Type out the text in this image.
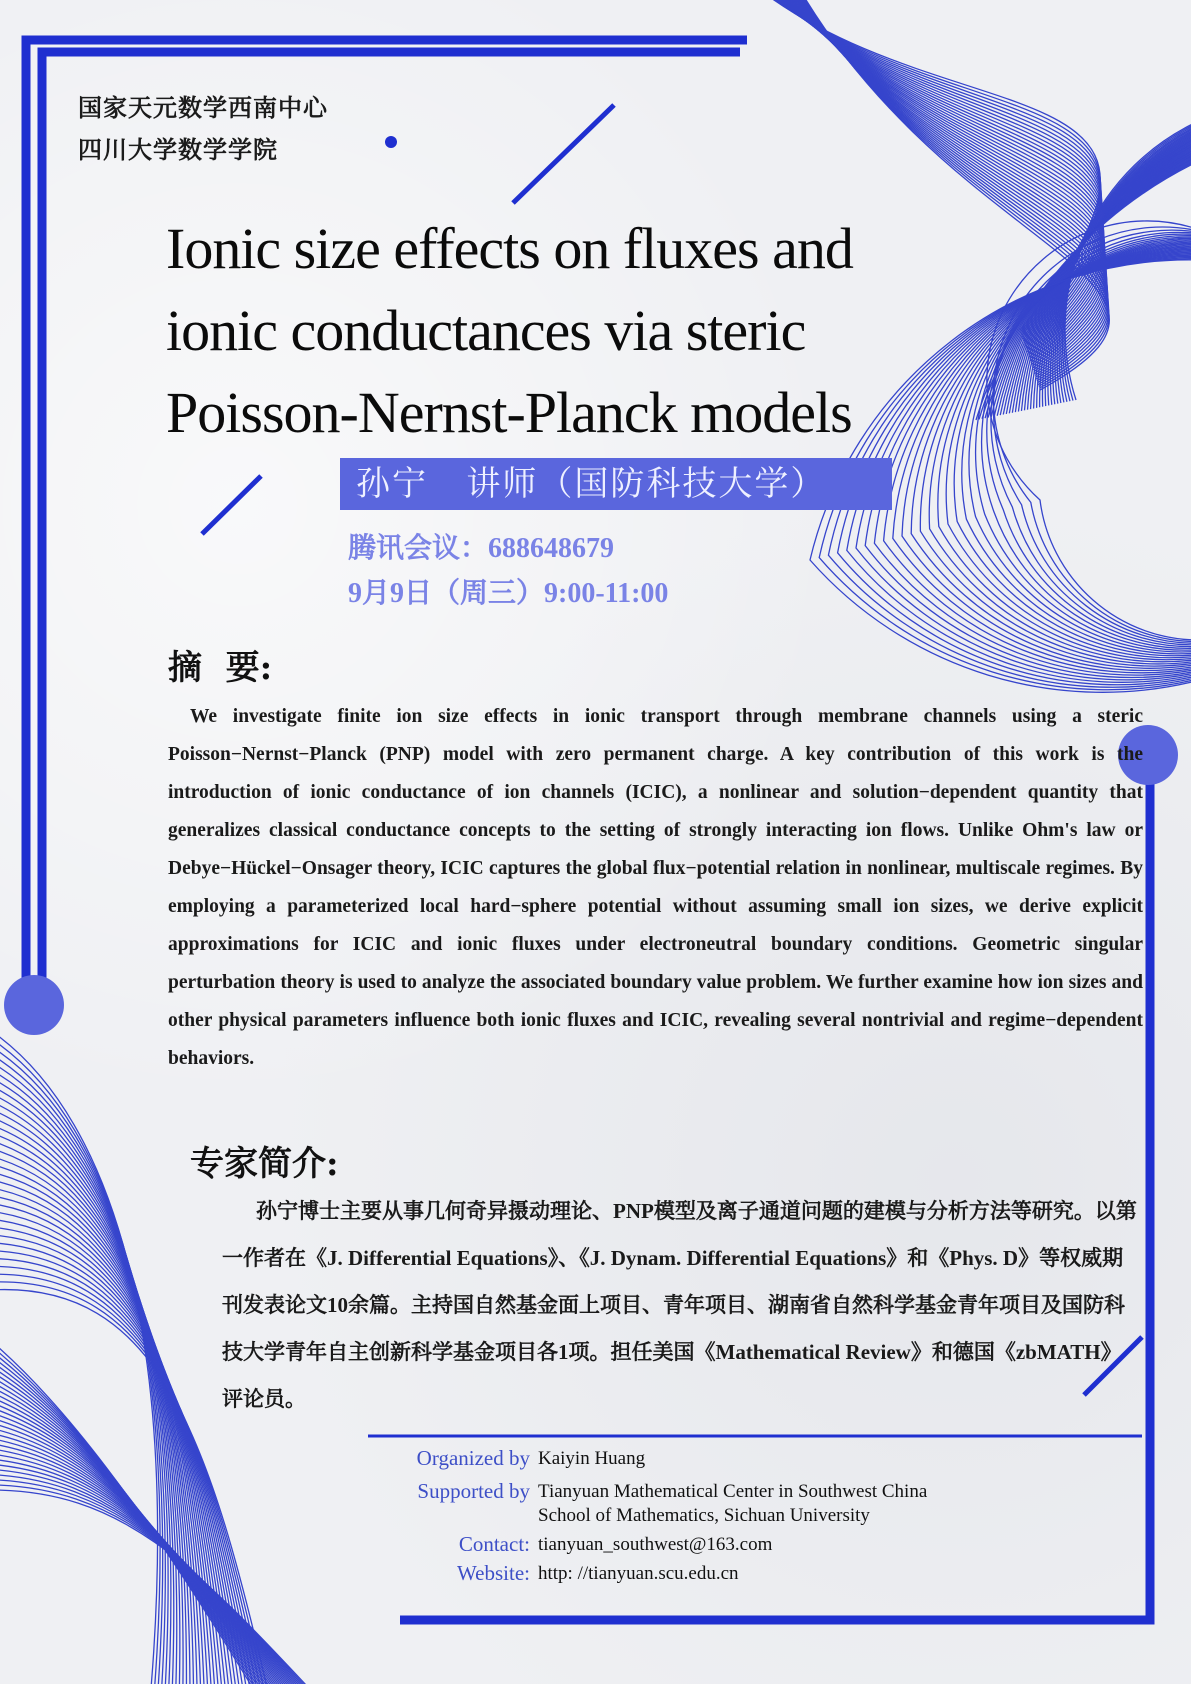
国家天元数学西南中心
四川大学数学学院
Ionic size effects on fluxes and
ionic conductances via steric
Poisson-Nernst-Planck models
孙宁   讲师（国防科技大学）
腾讯会议：688648679
9月9日（周三）9:00-11:00
摘  要:
We investigate finite ion size effects in ionic transport through membrane channels using a steric Poisson−Nernst−Planck (PNP) model with zero permanent charge. A key contribution of this work is the introduction of ionic conductance of ion channels (ICIC), a nonlinear and solution−dependent quantity that generalizes classical conductance concepts to the setting of strongly interacting ion flows. Unlike Ohm's law or Debye−Hückel−Onsager theory, ICIC captures the global flux−potential relation in nonlinear, multiscale regimes. By employing a parameterized local hard−sphere potential without assuming small ion sizes, we derive explicit approximations for ICIC and ionic fluxes under electroneutral boundary conditions. Geometric singular perturbation theory is used to analyze the associated boundary value problem. We further examine how ion sizes and other physical parameters influence both ionic fluxes and ICIC, revealing several nontrivial and regime−dependent behaviors.
专家简介:
孙宁博士主要从事几何奇异摄动理论、PNP模型及离子通道问题的建模与分析方法等研究。以第一作者在《J. Differential Equations》、《J. Dynam. Differential Equations》和《Phys. D》等权威期刊发表论文10余篇。主持国自然基金面上项目、青年项目、湖南省自然科学基金青年项目及国防科技大学青年自主创新科学基金项目各1项。担任美国《Mathematical Review》和德国《zbMATH》评论员。
Organized by Kaiyin Huang
Supported by Tianyuan Mathematical Center in Southwest China
School of Mathematics, Sichuan University
Contact: tianyuan_southwest@163.com
Website: http: //tianyuan.scu.edu.cn
